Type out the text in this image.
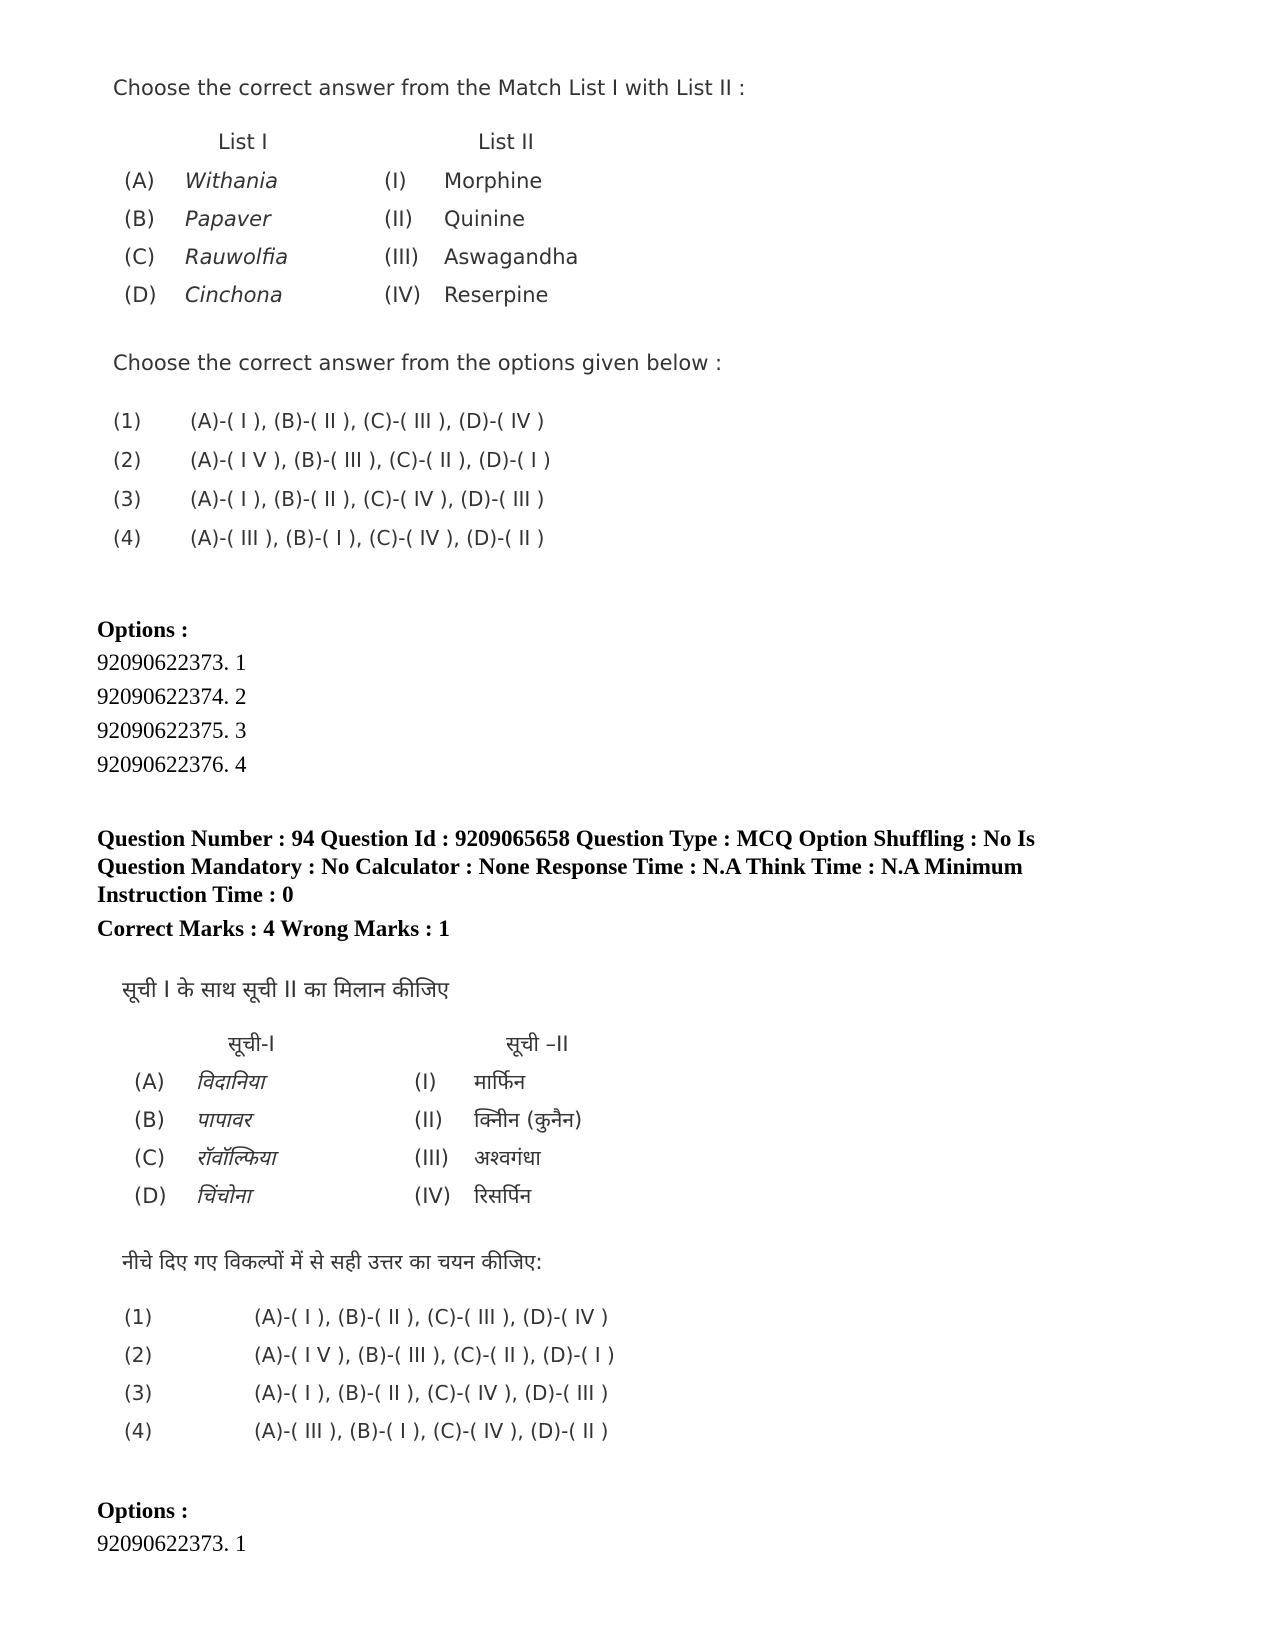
Choose the correct answer from the Match List I with List II :
List I	List II
(A) Withania	(I) Morphine
(B) Papaver	(II) Quinine
(C) Rauwolfia	(III) Aswagandha
(D) Cinchona	(IV) Reserpine
Choose the correct answer from the options given below :
(1) (A)-( I ), (B)-( II ), (C)-( III ), (D)-( IV )
(2) (A)-( I V ), (B)-( III ), (C)-( II ), (D)-( I )
(3) (A)-( I ), (B)-( II ), (C)-( IV ), (D)-( III )
(4) (A)-( III ), (B)-( I ), (C)-( IV ), (D)-( II )
Options :
92090622373. 1
92090622374. 2
92090622375. 3
92090622376. 4
Question Number : 94 Question Id : 9209065658 Question Type : MCQ Option Shuffling : No Is
Question Mandatory : No Calculator : None Response Time : N.A Think Time : N.A Minimum
Instruction Time : 0
Correct Marks : 4 Wrong Marks : 1
सूची I के साथ सूची II का मिलान कीजिए
सूची-I	सूची –II
(A) विदानिया	(I) मार्फिन
(B) पापावर	(II) क्निीन (कुनैन)
(C) रॉवॉल्फिया	(III) अश्वगंधा
(D) चिंचोना	(IV) रिसर्पिन
नीचे दिए गए विकल्पों में से सही उत्तर का चयन कीजिए:
(1)	(A)-( I ), (B)-( II ), (C)-( III ), (D)-( IV )
(2)	(A)-( I V ), (B)-( III ), (C)-( II ), (D)-( I )
(3)	(A)-( I ), (B)-( II ), (C)-( IV ), (D)-( III )
(4)	(A)-( III ), (B)-( I ), (C)-( IV ), (D)-( II )
Options :
92090622373. 1
